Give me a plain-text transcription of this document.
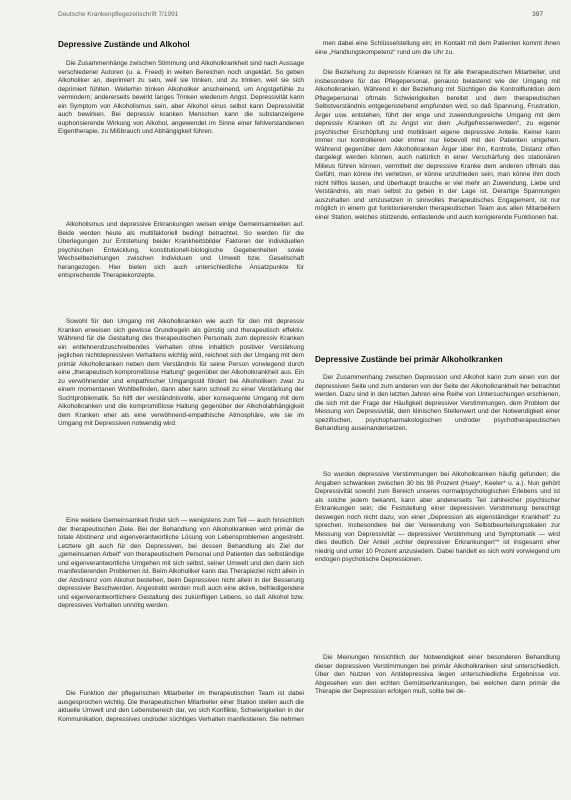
Deutsche Krankenpflegezeitschrift 7/1991	397
Depressive Zustände und Alkohol

Die Zusammenhänge zwischen Stimmung und Alkoholkrankheit sind nach Aussage verschiedener Autoren (u. a. Freed) in weiten Bereichen noch ungeklärt. So geben Alkoholiker an, deprimiert zu sein, weil sie trinken, und zu trinken, weil sie sich deprimiert fühlten. Weiterhin trinken Alkoholiker anscheinend, um Angstgefühle zu vermindern; andererseits bewirkt langes Trinken wiederum Angst. Depressivität kann ein Symptom von Alkoholismus sein, aber Alkohol einus selbst kann Depressivität auch bewirken. Bei depressiv kranken Menschen kann die substanzeigene euphorisierende Wirkung von Alkohol, angewendet im Sinne einer fehlverstandenen Eigentherapie, zu Mißbrauch und Abhängigkeit führen.

Alkoholismus und depressive Erkrankungen weisen einige Gemeinsamkeiten auf. Beide werden heute als multifaktoriell bedingt betrachtet. So werden für die Überlegungen zur Entstehung beider Krankheitsbilder Faktoren der individuellen psychischen Entwicklung, konstitutionell-biologische Gegebenheiten sowie Wechselbeziehungen zwischen Individuum und Umwelt bzw. Gesellschaft herangezogen. Hier bieten sich auch unterschiedliche Ansatzpunkte für entsprechende Therapiekonzepte.

Sowohl für den Umgang mit Alkoholkranken wie auch für den mit depressiv Kranken erweisen sich gewisse Grundregeln als günstig und therapeutisch effektiv. Während für die Gestaltung des therapeutischen Personals zum depressiv Kranken ein entlehnendzuschreibendes Verhalten ohne inhaltlich positiver Verstärkung jeglichen nichtdepressiven Verhaltens wichtig wird, reichnet sich der Umgang mit dem primär Alkoholkranken neben dem Verständnis für seine Person vorwiegend durch eine „therapeutisch kompromißlose Haltung“ gegenüber der Alkoholkrankheit aus. Ein zu verwöhnender und empathischer Umgangsstil fördert bei Alkoholikern zwar zu einem momentanen Wohlbefinden, dann aber kann schnell zu einer Verstärkung der Suchtproblematik. So hilft der verständnisvolle, aber konsequente Umgang mit dem Alkoholkranken und die kompromißlose Haltung gegenüber der Alkoholabhängigkeit dem Kranken eher als eine verwöhnend-empathische Atmosphäre, wie sie im Umgang mit Depressiven notwendig wird.

Eine weitere Gemeinsamkeit findet sich — wenigstens zum Teil — auch hinsichtlich der therapeutischen Ziele. Bei der Behandlung von Alkoholkranken wird primär die totale Abstinenz und eigenverantwortliche Lösung von Lebensproblemen angestrebt. Letztere gilt auch für den Depressiven, bei dessen Behandlung als Ziel der „gemeinsamen Arbeit“ von therapeutischem Personal und Patienten das selbständige und eigenverantwortliche Umgehen mit sich selbst, seiner Umwelt und den darin sich manifestierenden Problemen ist. Beim Alkoholiker kann das Therapieziel nicht allein in der Abstinenz vom Alkohol bestehen, beim Depressiven nicht allein in der Besserung depressiver Beschwerden. Angestrebt werden muß auch eine aktive, befriedigendere und eigenverantwortlichere Gestaltung des zukünftigen Lebens, so daß Alkohol bzw. depressives Verhalten unnötig werden.

Die Funktion der pflegerischen Mitarbeiter im therapeutischen Team ist dabei ausgesprochen wichtig. Die therapeutischen Mitarbeiter einer Station stellen auch die aktuelle Umwelt und den Lebensbereich dar, wo sich Konflikte, Schwierigkeiten in der Kommunikation, depressives und/oder süchtiges Verhalten manifestieren. Sie nehmen

men dabei eine Schlüsselstellung ein; im Kontakt mit dem Patienten kommt ihnen eine „Handlungskompetenz“ rund um die Uhr zu.

Die Beziehung zu depressiv Kranken ist für alle therapeutischen Mitarbeiter, und insbesondere für das Pflegepersonal, genauso belastend wie der Umgang mit Alkoholkranken. Während in der Beziehung mit Süchtigen die Kontrollfunktion dem Pflegepersonal oftmals Schwierigkeiten bereitet und dem therapeutischen Selbstverständnis entgegenstehend empfunden wird, so daß Spannung, Frustration, Ärger usw. entstehen, führt der enge und zuwendungsreiche Umgang mit dem depressiv Kranken oft zu Angst vor dem „Aufgefressenwerden“, zu eigener psychischer Erschöpfung und mobilisiert eigene depressive Anteile. Keiner kann immer nur kontrollieren oder immer nur liebevoll mit den Patienten umgehen. Während gegenüber dem Alkoholkranken Ärger über ihn, Kontrolle, Distanz offen dargelegt werden können, auch natürlich in einer Verschärfung des stationären Milieus führen können, vermittelt der depressive Kranke dem anderen oftmals das Gefühl, man könne ihn verletzen, er könne unzufrieden sein, man könne ihm doch nicht hilflos lassen, und überhaupt brauche er viel mehr an Zuwendung, Liebe und Verständnis, als man selbst zu geben in der Lage ist. Derartige Spannungen auszuhalten und umzusetzen in sinnvolles therapeutisches Engagement, ist nur möglich in einem gut funktionierenden therapeutischen Team aus allen Mitarbeitern einer Station, welches stützende, entlastende und auch korrigierende Funktionen hat.

Depressive Zustände bei primär Alkoholkranken

Der Zusammenhang zwischen Depression und Alkohol kann zum einen von der depressiven Seite und zum anderen von der Seite der Alkoholkrankheit her betrachtet werden. Dazu sind in den letzten Jahren eine Reihe von Untersuchungen erschienen, die sich mit der Frage der Häufigkeit depressiver Verstimmungen, dem Problem der Messung von Depressivität, dem klinischen Stellenwert und der Notwendigkeit einer spezifischen, psychopharmakologischen und/oder psychotherapeutischen Behandlung auseinandersetzen.

So wurden depressive Verstimmungen bei Alkoholkranken häufig gefunden; die Angaben schwanken zwischen 30 bis 98 Prozent (Huey*, Keeler* u. a.). Nun gehört Depressivität sowohl zum Bereich unseres normalpsychologischen Erlebens und ist als solche jedem bekannt, kann aber andererseits Teil zahlreicher psychischer Erkrankungen sein; die Feststellung einer depressiven Verstimmung berechtigt deswegen noch nicht dazu, von einer „Depression als eigenständiger Krankheit“ zu sprechen. Insbesondere bei der Verwendung von Selbstbeurteilungsskalen zur Messung von Depressivität — depressiver Verstimmung und Symptomatik — wird dies deutlich. Der Anteil „echter depressiver Erkrankungen“* ist insgesamt eher niedrig und unter 10 Prozent anzusiedeln. Dabei handelt es sich wohl vorwiegend um endogen psychotische Depressionen.

Die Meinungen hinsichtlich der Notwendigkeit einer besonderen Behandlung dieser depressiven Verstimmungen bei primär Alkoholkranken sind unterschiedlich. Über den Nutzen von Antidepressiva liegen unterschiedliche Ergebnisse vor. Abgesehen von den echten Gemütserkrankungen, bei welchen dann primär die Therapie der Depression erfolgen muß, sollte bei de-
